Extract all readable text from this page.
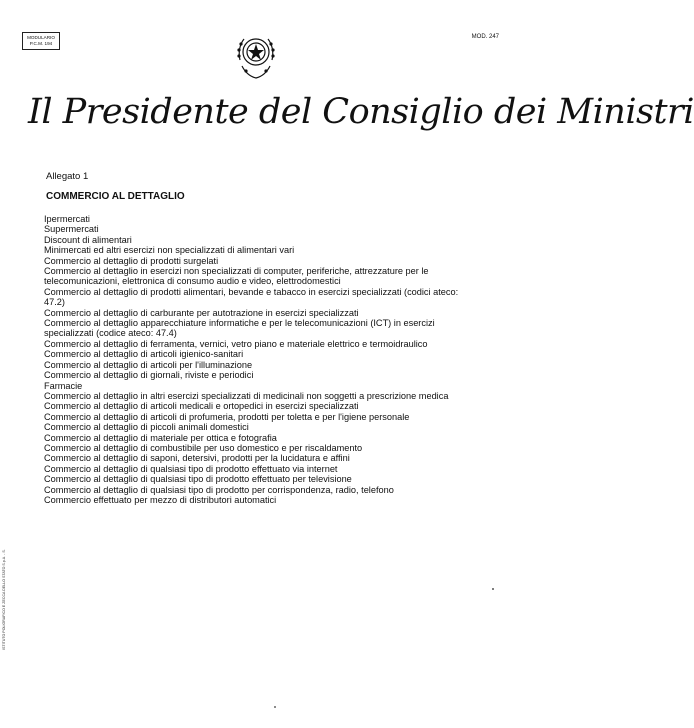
MODULARIO
P.C.M. 194
MOD. 247
Il Presidente del Consiglio dei Ministri
Allegato 1
COMMERCIO AL DETTAGLIO
Ipermercati
Supermercati
Discount di alimentari
Minimercati ed altri esercizi non specializzati di alimentari vari
Commercio al dettaglio di prodotti surgelati
Commercio al dettaglio in esercizi non specializzati di computer, periferiche, attrezzature per le telecomunicazioni, elettronica di consumo audio e video, elettrodomestici
Commercio al dettaglio di prodotti alimentari, bevande e tabacco in esercizi specializzati (codici ateco: 47.2)
Commercio al dettaglio di carburante per autotrazione in esercizi specializzati
Commercio al dettaglio apparecchiature informatiche e per le telecomunicazioni (ICT) in esercizi specializzati (codice ateco: 47.4)
Commercio al dettaglio di ferramenta, vernici, vetro piano e materiale elettrico e termoidraulico
Commercio al dettaglio di articoli igienico-sanitari
Commercio al dettaglio di articoli per l'illuminazione
Commercio al dettaglio di giornali, riviste e periodici
Farmacie
Commercio al dettaglio in altri esercizi specializzati di medicinali non soggetti a prescrizione medica
Commercio al dettaglio di articoli medicali e ortopedici in esercizi specializzati
Commercio al dettaglio di articoli di profumeria, prodotti per toletta e per l'igiene personale
Commercio al dettaglio di piccoli animali domestici
Commercio al dettaglio di materiale per ottica e fotografia
Commercio al dettaglio di combustibile per uso domestico e per riscaldamento
Commercio al dettaglio di saponi, detersivi, prodotti per la lucidatura e affini
Commercio al dettaglio di qualsiasi tipo di prodotto effettuato via internet
Commercio al dettaglio di qualsiasi tipo di prodotto effettuato per televisione
Commercio al dettaglio di qualsiasi tipo di prodotto per corrispondenza, radio, telefono
Commercio effettuato per mezzo di distributori automatici
ISTITUTO POLIGRAFICO E ZECCA DELLO STATO S.p.A. - S.
